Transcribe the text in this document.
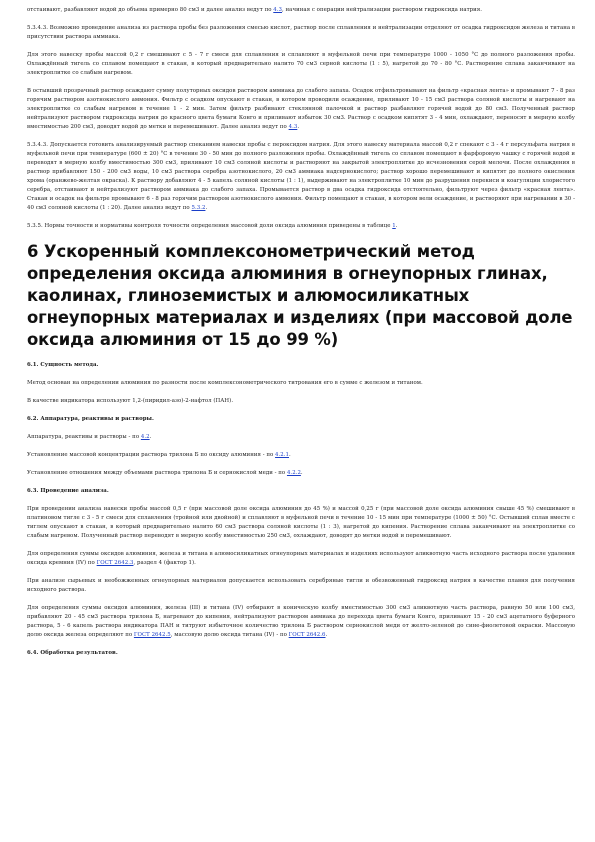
отстаивают, разбавляют водой до объема примерно 80 см3 и далее анализ ведут по 4.3, начиная с операции нейтрализации раствором гидроксида натрия.

5.3.4.3. Возможно проведение анализа из раствора пробы без разложения смесью кислот, раствор после сплавления и нейтрализации отделяют от осадка гидроксидов железа и титана в присутствии раствора аммиака.

Для этого навеску пробы массой 0,2 г смешивают с 5 - 7 г смеси для сплавления и сплавляют в муфельной печи при температуре 1000 - 1050 °С до полного разложения пробы. Охлаждённый тигель со сплавом помещают в стакан, в который предварительно налито 70 см3 серной кислоты (1 : 5), нагретой до 70 - 80 °С. Растворение сплава заканчивают на электроплитке со слабым нагревом.

В остывший прозрачный раствор осаждают сумму полуторных оксидов раствором аммиака до слабого запаха. Осадок отфильтровывают на фильтр «красная лента» и промывают 7 - 8 раз горячим раствором азотнокислого аммония. Фильтр с осадком опускают в стакан, в котором проводили осаждение, приливают 10 - 15 см3 раствора соляной кислоты и нагревают на электроплитке со слабым нагревом в течение 1 - 2 мин. Затем фильтр разбивают стеклянной палочкой и раствор разбавляют горячей водой до 80 см3. Полученный раствор нейтрализуют раствором гидроксида натрия до красного цвета бумаги Конго и приливают избыток 30 см3. Раствор с осадком кипятят 3 - 4 мин, охлаждают, переносят в мерную колбу вместимостью 200 см3, доводят водой до метки и перемешивают. Далее анализ ведут по 4.3.

5.3.4.3. Допускается готовить анализируемый раствор спеканием навески пробы с пероксидом натрия. Для этого навеску материала массой 0,2 г спекают с 3 - 4 г персульфата натрия в муфельной печи при температуре (600 ± 20) °С в течение 30 - 50 мин до полного разложения пробы. Охлаждённый тигель со сплавом помещают в фарфоровую чашку с горячей водой и переводят в мерную колбу вместимостью 300 см3, приливают 10 см3 соляной кислоты и растворяют на закрытой электроплитке до исчезновения серой мелочи. После охлаждения в раствор прибавляют 150 - 200 см3 воды, 10 см3 раствора серебра азотнокислого, 20 см3 аммиака надсернокислого; раствор хорошо перемешивают и кипятят до полного окисления хрома (оранжево-желтая окраска). К раствору добавляют 4 - 5 капель соляной кислоты (1 : 1), выдерживают на электроплитке 10 мин до разрушения перекиси и коагуляции хлористого серебра, отстаивают и нейтрализуют раствором аммиака до слабого запаха. Промывается раствор в два осадка гидроксида отстоятельно, фильтруют через фильтр «красная лента». Стакан и осадок на фильтре промывают 6 - 8 раз горячим раствором азотнокислого аммония. Фильтр помещают в стакан, в котором вели осаждение, и растворяют при нагревании в 30 - 40 см3 соляной кислоты (1 : 20). Далее анализ ведут по 5.3.2.

5.3.5. Нормы точности и нормативы контроля точности определения массовой доли оксида алюминия приведены в таблице 1.

6 Ускоренный комплексонометрический метод определения оксида алюминия в огнеупорных глинах, каолинах, глиноземистых и алюмосиликатных огнеупорных материалах и изделиях (при массовой доле оксида алюминия от 15 до 99 %)

6.1. Сущность метода.

Метод основан на определении алюминия по разности после комплексонометрического титрования его в сумме с железом и титаном.

В качестве индикатора используют 1,2-(пиридил-азо)-2-нафтол (ПАН).

6.2. Аппаратура, реактивы и растворы.

Аппаратура, реактивы и растворы - по 4.2.

Установление массовой концентрации раствора трилона Б по оксиду алюминия - по 4.2.1.

Установление отношения между объемами раствора трилона Б и сернокислой меди - по 4.2.2.

6.3. Проведение анализа.

При проведении анализа навески пробы массой 0,5 г (при массовой доле оксида алюминия до 45 %) и массой 0,25 г (при массовой доле оксида алюминия свыше 45 %) смешивают в платиновом тигле с 3 - 5 г смеси для сплавления (тройной или двойной) и сплавляют в муфельной печи в течение 10 - 15 мин при температуре (1000 ± 50) °С. Остывший сплав вместе с тиглем опускают в стакан, в который предварительно налито 60 см3 раствора соляной кислоты (1 : 3), нагретой до кипения. Растворение сплава заканчивают на электроплитке со слабым нагревом. Полученный раствор переводят в мерную колбу вместимостью 250 см3, охлаждают, доводят до метки водой и перемешивают.

Для определения суммы оксидов алюминия, железа и титана в алюмосиликатных огнеупорных материалах и изделиях используют аликвотную часть исходного раствора после удаления оксида кремния (IV) по ГОСТ 2642.3, раздел 4 (фактор 1).

При анализе сырьевых и необожженных огнеупорных материалов допускается использовать серебряные тигли и обезвоженный гидроксид натрия в качестве плавня для получения исходного раствора.

Для определения суммы оксидов алюминия, железа (III) и титана (IV) отбирают в коническую колбу вместимостью 300 см3 аликвотную часть раствора, равную 50 или 100 см3, прибавляют 20 - 45 см3 раствора трилона Б, нагревают до кипения, нейтрализуют раствором аммиака до перехода цвета бумаги Конго, приливают 15 - 20 см3 ацетатного буферного раствора, 5 - 6 капель раствора индикатора ПАН и титруют избыточное количество трилона Б раствором сернокислой меди от желто-зеленой до сине-фиолетовой окраски. Массовую долю оксида железа определяют по ГОСТ 2642.5, массовую долю оксида титана (IV) - по ГОСТ 2642.6.

6.4. Обработка результатов.
